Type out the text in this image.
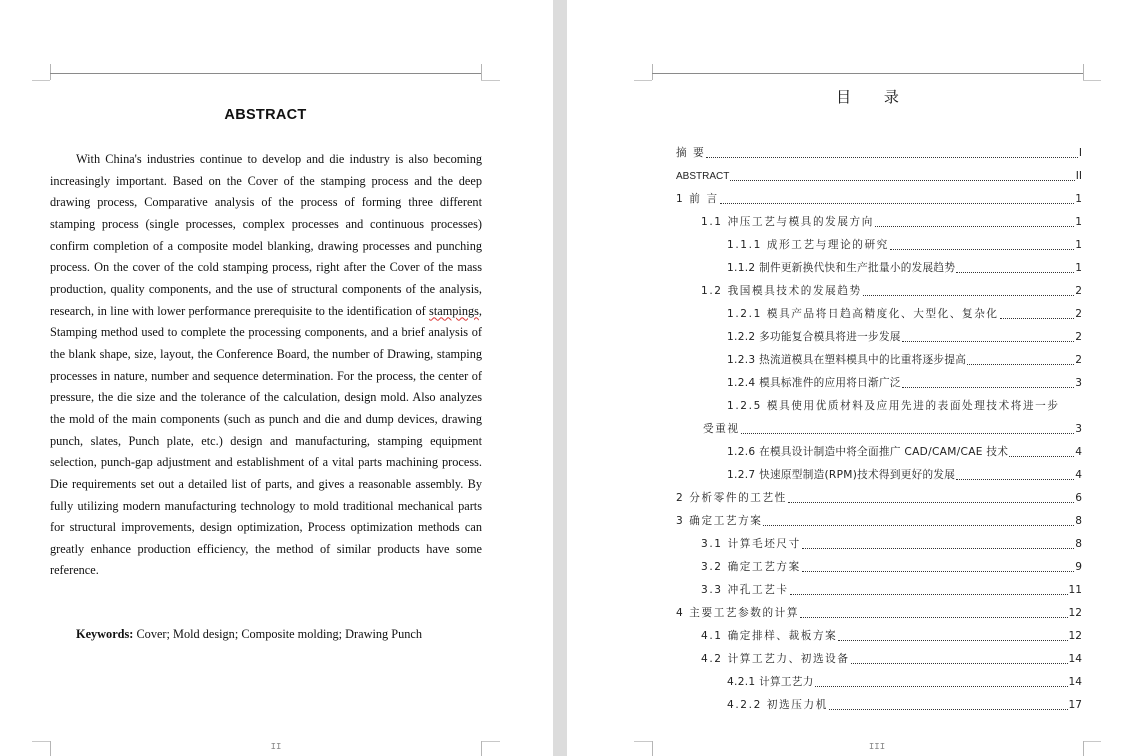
ABSTRACT

With China's industries continue to develop and die industry is also becoming increasingly important. Based on the Cover of the stamping process and the deep drawing process, Comparative analysis of the process of forming three different stamping process (single processes, complex processes and continuous processes) confirm completion of a composite model blanking, drawing processes and punching process. On the cover of the cold stamping process, right after the Cover of the mass production, quality components, and the use of structural components of the analysis, research, in line with lower performance prerequisite to the identification of stampings, Stamping method used to complete the processing components, and a brief analysis of the blank shape, size, layout, the Conference Board, the number of Drawing, stamping processes in nature, number and sequence determination. For the process, the center of pressure, the die size and the tolerance of the calculation, design mold. Also analyzes the mold of the main components (such as punch and die and dump devices, drawing punch, slates, Punch plate, etc.) design and manufacturing, stamping equipment selection, punch-gap adjustment and establishment of a vital parts machining process. Die requirements set out a detailed list of parts, and gives a reasonable assembly. By fully utilizing modern manufacturing technology to mold traditional mechanical parts for structural improvements, design optimization, Process optimization methods can greatly enhance production efficiency, the method of similar products have some reference.

Keywords: Cover; Mold design; Composite molding; Drawing Punch
II
目 录
摘 要	I
ABSTRACT	II
1 前 言	1
1.1 冲压工艺与模具的发展方向	1
1.1.1 成形工艺与理论的研究	1
1.1.2 制件更新换代快和生产批量小的发展趋势	1
1.2 我国模具技术的发展趋势	2
1.2.1 模具产品将日趋高精度化、大型化、复杂化	2
1.2.2 多功能复合模具将进一步发展	2
1.2.3 热流道模具在塑料模具中的比重将逐步提高	2
1.2.4 模具标准件的应用将日渐广泛	3
1.2.5 模具使用优质材料及应用先进的表面处理技术将进一步
受重视	3
1.2.6 在模具设计制造中将全面推广 CAD/CAM/CAE 技术	4
1.2.7 快速原型制造(RPM)技术得到更好的发展	4
2 分析零件的工艺性	6
3 确定工艺方案	8
3.1 计算毛坯尺寸	8
3.2 确定工艺方案	9
3.3 冲孔工艺卡	11
4 主要工艺参数的计算	12
4.1 确定排样、裁板方案	12
4.2 计算工艺力、初选设备	14
4.2.1 计算工艺力	14
4.2.2 初选压力机	17
III
